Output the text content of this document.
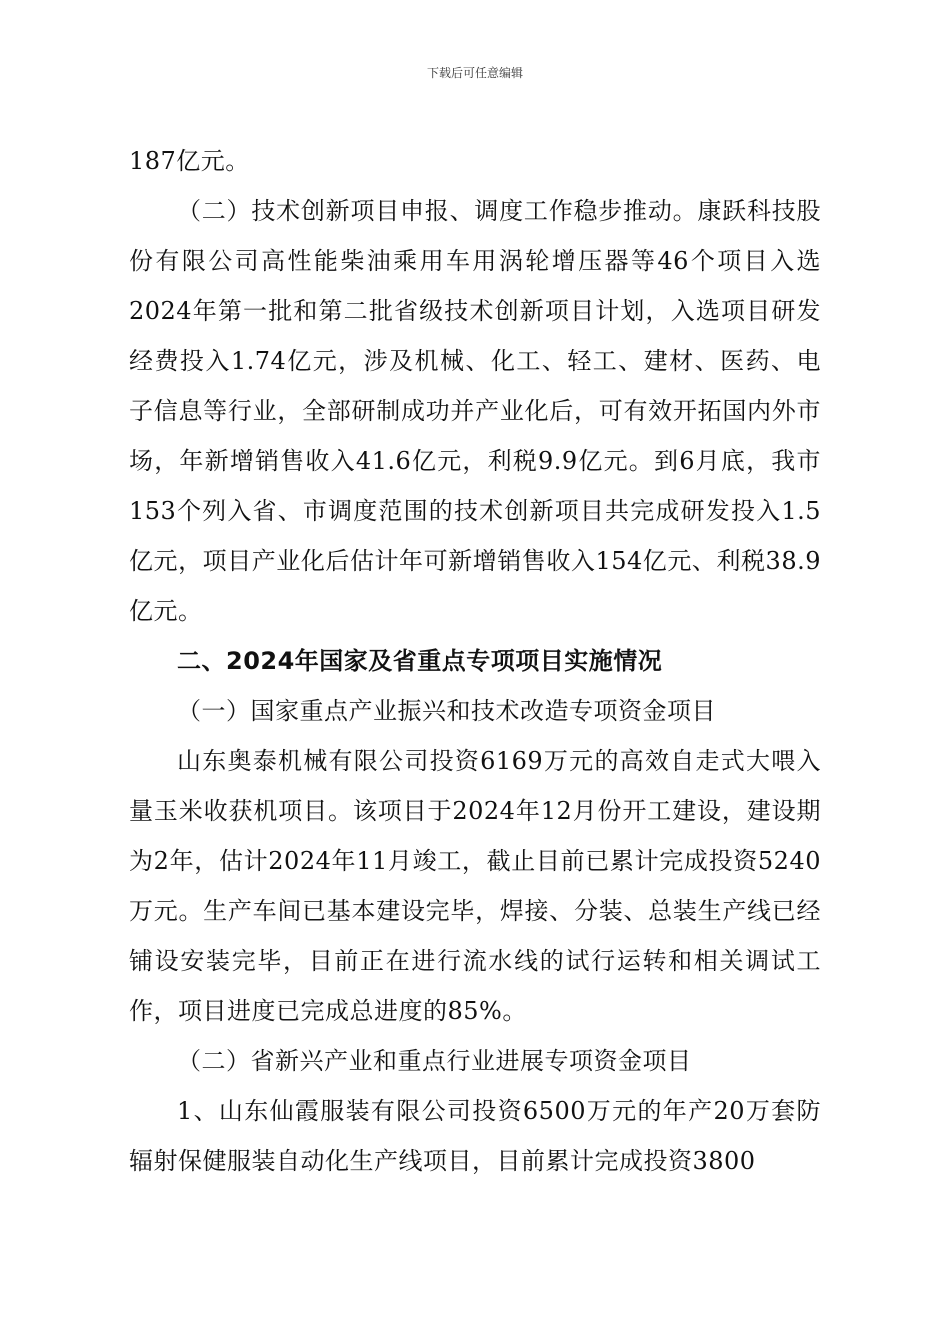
下载后可任意编辑

187亿元。

（二）技术创新项目申报、调度工作稳步推动。康跃科技股份有限公司高性能柴油乘用车用涡轮增压器等46个项目入选2024年第一批和第二批省级技术创新项目计划，入选项目研发经费投入1.74亿元，涉及机械、化工、轻工、建材、医药、电子信息等行业，全部研制成功并产业化后，可有效开拓国内外市场，年新增销售收入41.6亿元，利税9.9亿元。到6月底，我市153个列入省、市调度范围的技术创新项目共完成研发投入1.5亿元，项目产业化后估计年可新增销售收入154亿元、利税38.9亿元。

二、2024年国家及省重点专项项目实施情况

（一）国家重点产业振兴和技术改造专项资金项目

山东奥泰机械有限公司投资6169万元的高效自走式大喂入量玉米收获机项目。该项目于2024年12月份开工建设，建设期为2年，估计2024年11月竣工，截止目前已累计完成投资5240万元。生产车间已基本建设完毕，焊接、分装、总装生产线已经铺设安装完毕，目前正在进行流水线的试行运转和相关调试工作，项目进度已完成总进度的85%。

（二）省新兴产业和重点行业进展专项资金项目

1、山东仙霞服装有限公司投资6500万元的年产20万套防辐射保健服装自动化生产线项目，目前累计完成投资3800
